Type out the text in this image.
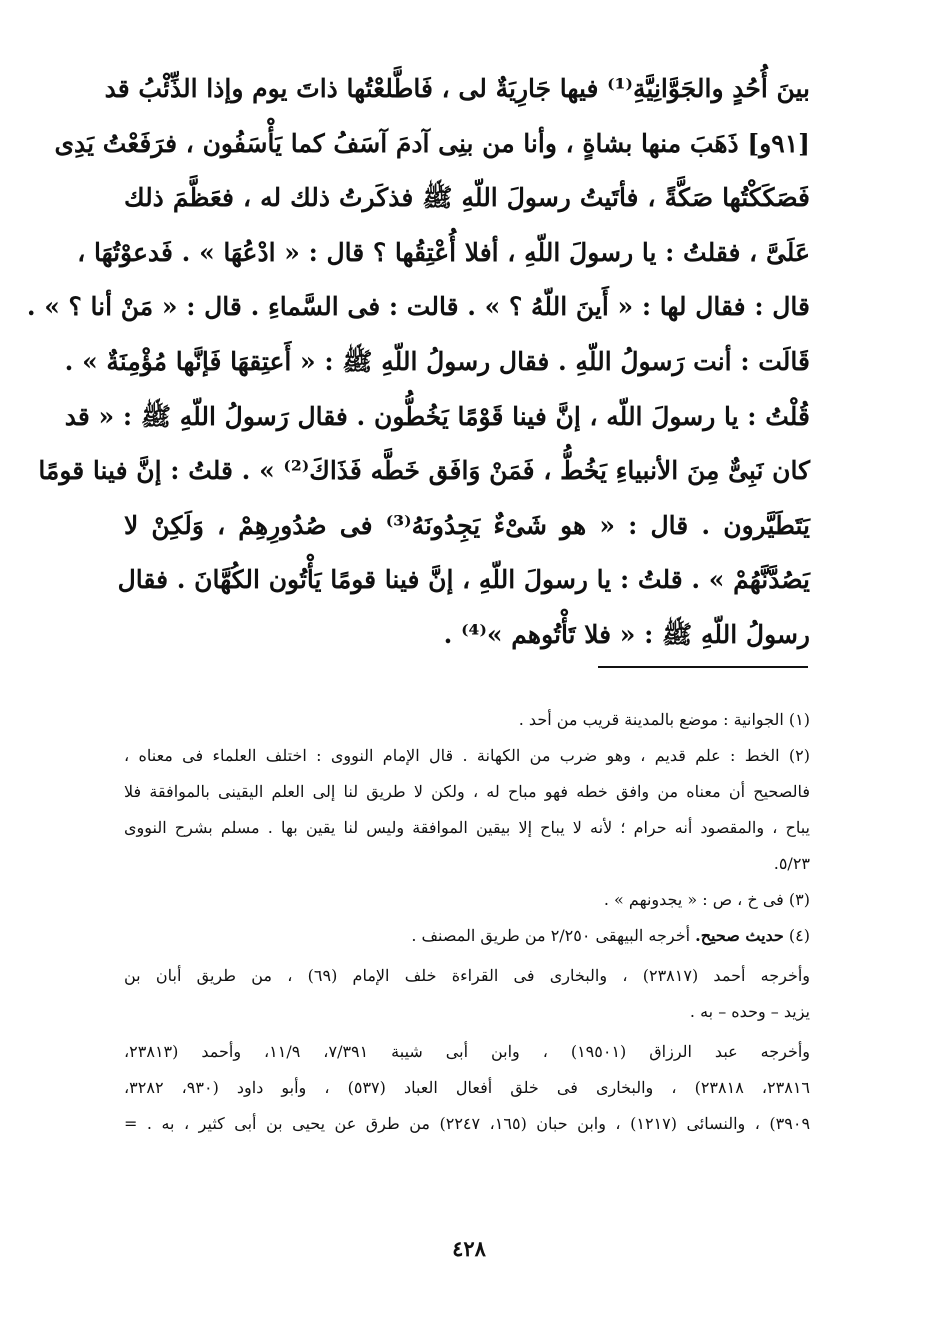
بينَ أُحُدٍ والجَوَّانِيَّةِ⁽¹⁾ فيها جَارِيَةٌ لى ، فَاطَّلعْتُها ذاتَ يوم وإذا الذِّئْبُ قد
[٩١و] ذَهَبَ منها بشاةٍ ، وأنا من بنِى آدمَ آسَفُ كما يَأْسَفُون ، فرَفَعْتُ يَدِى
فَصَكَكْتُها صَكَّةً ، فأتَيتُ رسولَ اللّهِ ﷺ فذكَرتُ ذلك له ، فعَظَّمَ ذلك
عَلَىَّ ، فقلتُ : يا رسولَ اللّهِ ، أفلا أُعْتِقُها ؟ قال : « ادْعُهَا » . فَدعوْتُهَا ،
قال : فقال لها : « أَينَ اللّهُ ؟ » . قالت : فى السَّماءِ . قال : « مَنْ أنا ؟ » .
قَالَت : أنت رَسولُ اللّهِ . فقال رسولُ اللّهِ ﷺ : « أَعتِقهَا فَإنَّها مُؤْمِنَةٌ » .
قُلْتُ : يا رسولَ اللّه ، إنَّ فينا قَوْمًا يَخُطُّون . فقال رَسولُ اللّهِ ﷺ : « قد
كان نَبِىٌّ مِنَ الأنبياءِ يَخُطُّ ، فَمَنْ وَافَق خَطَّه فَذَاكَ⁽²⁾ » . قلتُ : إنَّ فينا قومًا
يَتَطَيَّرون . قال : « هو شَىْءٌ يَجِدُونَهُ⁽³⁾ فى صُدُورِهِمْ ، وَلَكِنْ لا
يَصُدَّنَّهُمْ » . قلتُ : يا رسولَ اللّهِ ، إنَّ فينا قومًا يَأْتُون الكُهَّانَ . فقال
رسولُ اللّهِ ﷺ : « فلا تَأْتُوهم »⁽⁴⁾ .
(١) الجوانية : موضع بالمدينة قريب من أحد .
(٢) الخط : علم قديم ، وهو ضرب من الكهانة . قال الإمام النووى : اختلف العلماء فى معناه ،
فالصحيح أن معناه من وافق خطه فهو مباح له ، ولكن لا طريق لنا إلى العلم اليقينى بالموافقة فلا
يباح ، والمقصود أنه حرام ؛ لأنه لا يباح إلا بيقين الموافقة وليس لنا يقين بها . مسلم بشرح النووى
٥/٢٣.
(٣) فى خ ، ص : « يجدونهم » .
(٤) حديث صحيح. أخرجه البيهقى ٢/٢٥٠ من طريق المصنف .
وأخرجه أحمد (٢٣٨١٧) ، والبخارى فى القراءة خلف الإمام (٦٩) ، من طريق أبان بن
يزيد – وحده – به .
وأخرجه عبد الرزاق (١٩٥٠١) ، وابن أبى شيبة ٧/٣٩١، ١١/٩، وأحمد (٢٣٨١٣،
٢٣٨١٦، ٢٣٨١٨) ، والبخارى فى خلق أفعال العباد (٥٣٧) ، وأبو داود (٩٣٠، ٣٢٨٢،
٣٩٠٩) ، والنسائى (١٢١٧) ، وابن حبان (١٦٥، ٢٢٤٧) من طرق عن يحيى بن أبى كثير ، به . =
٤٢٨
